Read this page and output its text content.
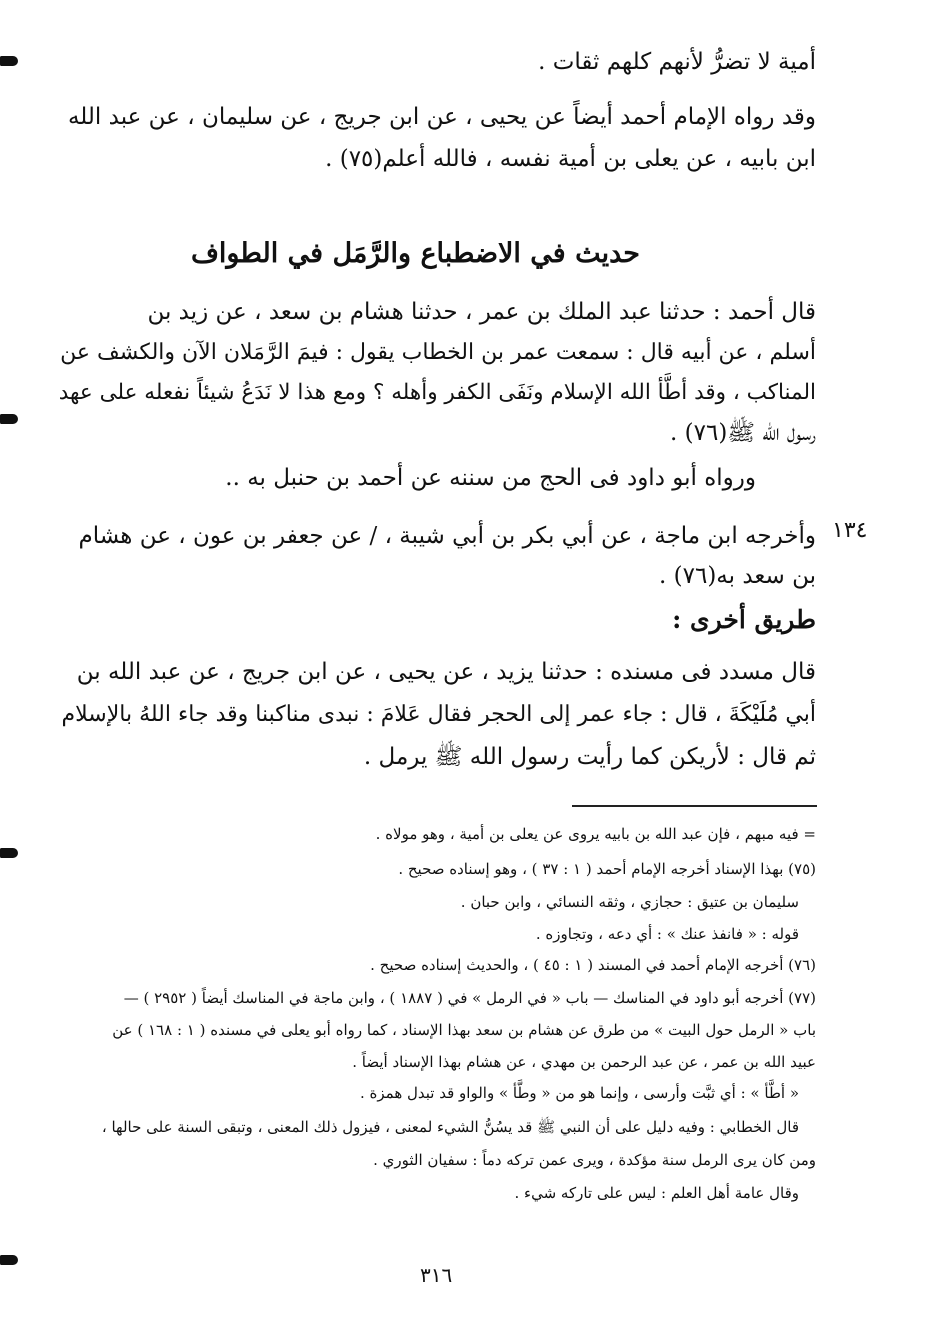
أمية لا تضرُّ لأنهم كلهم ثقات .
وقد رواه الإمام أحمد أيضاً عن يحيى ، عن ابن جريج ، عن سليمان ، عن عبد الله
ابن بابيه ، عن يعلى بن أمية نفسه ، فالله أعلم(٧٥) .
حديث في الاضطباع والرَّمَل في الطواف
قال أحمد : حدثنا عبد الملك بن عمر ، حدثنا هشام بن سعد ، عن زيد بن
أسلم ، عن أبيه قال : سمعت عمر بن الخطاب يقول : فيمَ الرَّمَلان الآن والكشف عن
المناكب ، وقد أطَّأ الله الإسلام ونَفَى الكفر وأهله ؟ ومع هذا لا نَدَعُ شيئاً نفعله على عهد
رسول الله ﷺ(٧٦) .
ورواه أبو داود فى الحج من سننه عن أحمد بن حنبل به ..
١٣٤
وأخرجه ابن ماجة ، عن أبي بكر بن أبي شيبة ، / عن جعفر بن عون ، عن هشام
بن سعد به(٧٦) .
طريق أخرى :
قال مسدد فى مسنده : حدثنا يزيد ، عن يحيى ، عن ابن جريج ، عن عبد الله بن
أبي مُلَيْكَةَ ، قال : جاء عمر إلى الحجر فقال عَلامَ : نبدى مناكبنا وقد جاء اللهُ بالإسلام
ثم قال : لأريكن كما رأيت رسول الله ﷺ يرمل .
= فيه مبهم ، فإن عبد الله بن بابيه يروى عن يعلى بن أمية ، وهو مولاه .
(٧٥) بهذا الإسناد أخرجه الإمام أحمد ( ١ : ٣٧ ) ، وهو إسناده صحيح .
سليمان بن عتيق : حجازي ، وثقه النسائي ، وابن حبان .
قوله : « فانفذ عنك » : أي دعه ، وتجاوزه .
(٧٦) أخرجه الإمام أحمد في المسند ( ١ : ٤٥ ) ، والحديث إسناده صحيح .
(٧٧) أخرجه أبو داود في المناسك — باب « في الرمل » في ( ١٨٨٧ ) ، وابن ماجة في المناسك أيضاً ( ٢٩٥٢ ) —
باب « الرمل حول البيت » من طرق عن هشام بن سعد بهذا الإسناد ، كما رواه أبو يعلى في مسنده ( ١ : ١٦٨ ) عن
عبيد الله بن عمر ، عن عبد الرحمن بن مهدي ، عن هشام بهذا الإسناد أيضاً .
« أطَّأ » : أي ثبَّت وأرسى ، وإنما هو من « وطَّأ » والواو قد تبدل همزة .
قال الخطابي : وفيه دليل على أن النبي ﷺ قد يسُنُّ الشيء لمعنى ، فيزول ذلك المعنى ، وتبقى السنة على حالها ،
ومن كان يرى الرمل سنة مؤكدة ، ويرى عمن تركه دماً : سفيان الثوري .
وقال عامة أهل العلم : ليس على تاركه شيء .
٣١٦
